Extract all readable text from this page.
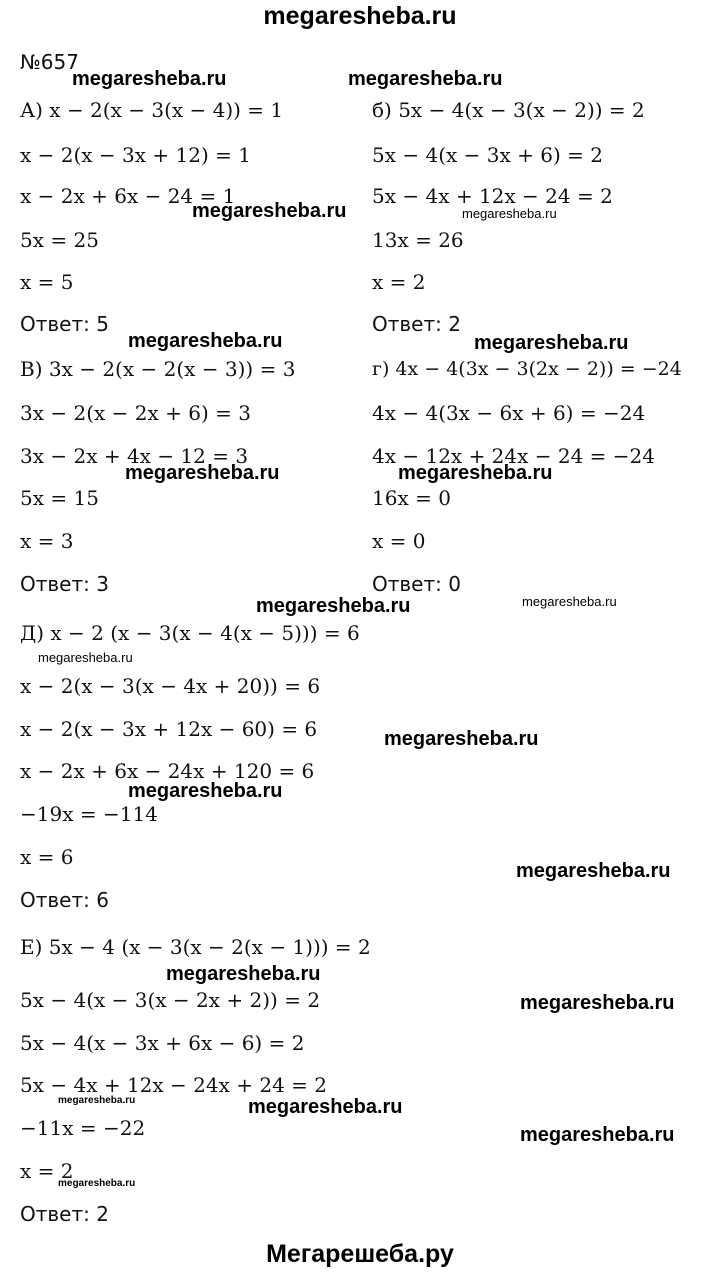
megaresheba.ru
№657
А) x − 2(x − 3(x − 4)) = 1
x − 2(x − 3x + 12) = 1
x − 2x + 6x − 24 = 1
5x = 25
x = 5
Ответ: 5
б) 5x − 4(x − 3(x − 2)) = 2
5x − 4(x − 3x + 6) = 2
5x − 4x + 12x − 24 = 2
13x = 26
x = 2
Ответ: 2
В) 3x − 2(x − 2(x − 3)) = 3
3x − 2(x − 2x + 6) = 3
3x − 2x + 4x − 12 = 3
5x = 15
x = 3
Ответ: 3
г) 4x − 4(3x − 3(2x − 2)) = −24
4x − 4(3x − 6x + 6) = −24
4x − 12x + 24x − 24 = −24
16x = 0
x = 0
Ответ: 0
Д) x − 2 (x − 3(x − 4(x − 5))) = 6
x − 2(x − 3(x − 4x + 20)) = 6
x − 2(x − 3x + 12x − 60) = 6
x − 2x + 6x − 24x + 120 = 6
−19x = −114
x = 6
Ответ: 6
Е) 5x − 4 (x − 3(x − 2(x − 1))) = 2
5x − 4(x − 3(x − 2x + 2)) = 2
5x − 4(x − 3x + 6x − 6) = 2
5x − 4x + 12x − 24x + 24 = 2
−11x = −22
x = 2
Ответ: 2
megaresheba.ru	megaresheba.ru
megaresheba.ru	megaresheba.ru
megaresheba.ru	megaresheba.ru
megaresheba.ru	megaresheba.ru
megaresheba.ru	megaresheba.ru
megaresheba.ru
megaresheba.ru
megaresheba.ru
megaresheba.ru
megaresheba.ru
megaresheba.ru
megaresheba.ru	megaresheba.ru
megaresheba.ru
megaresheba.ru
Мегарешеба.ру
